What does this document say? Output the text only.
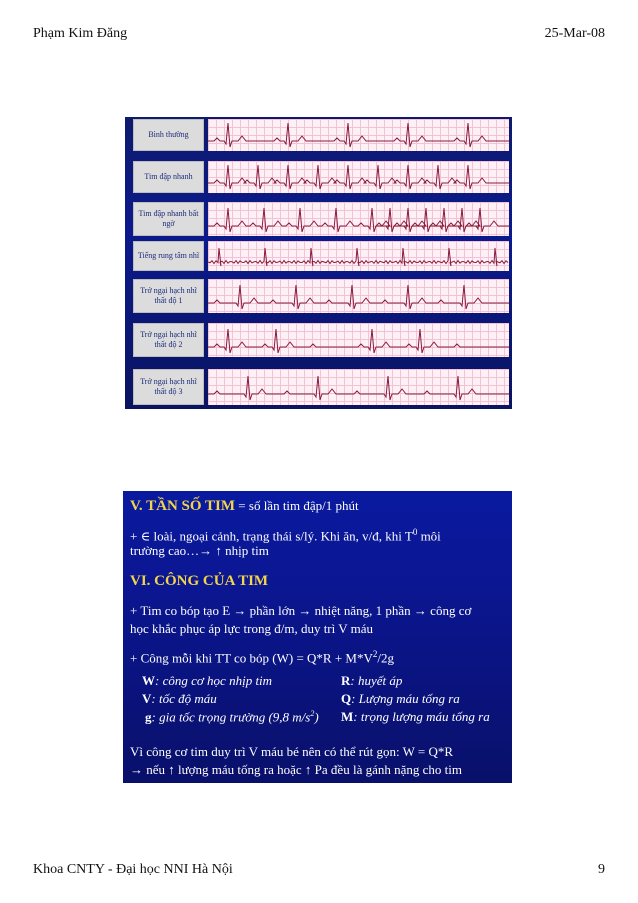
Phạm Kim Đăng	25-Mar-08
Bình thường
Tim đập nhanh
Tim đập nhanh bất ngờ
Tiếng rung tâm nhĩ
Trở ngại hạch nhĩ thất độ 1
Trở ngại hạch nhĩ thất độ 2
Trở ngại hạch nhĩ thất độ 3
V. TẦN SỐ TIM = số lần tim đập/1 phút
+ ∈ loài, ngoại cảnh, trạng thái s/lý. Khi ăn, v/đ, khi $T^0$ môi
trường cao…→ ↑ nhịp tim
VI. CÔNG CỦA TIM
+ Tim co bóp tạo E → phần lớn → nhiệt năng, 1 phần → công cơ
học khắc phục áp lực trong đ/m, duy trì V máu
+ Công mỗi khi TT co bóp $(W) = Q*R + M*V^2/2g$
W: công cơ học nhịp tim
V: tốc độ máu
g: gia tốc trọng trường (9,8 $m/s^2$)
R: huyết áp
Q: Lượng máu tống ra
M: trọng lượng máu tống ra
Vì công cơ tim duy trì V máu bé nên có thể rút gọn: W = Q*R
→ nếu ↑ lượng máu tống ra hoặc ↑ Pa đều là gánh nặng cho tim
Khoa CNTY - Đại học NNI Hà Nội	9
